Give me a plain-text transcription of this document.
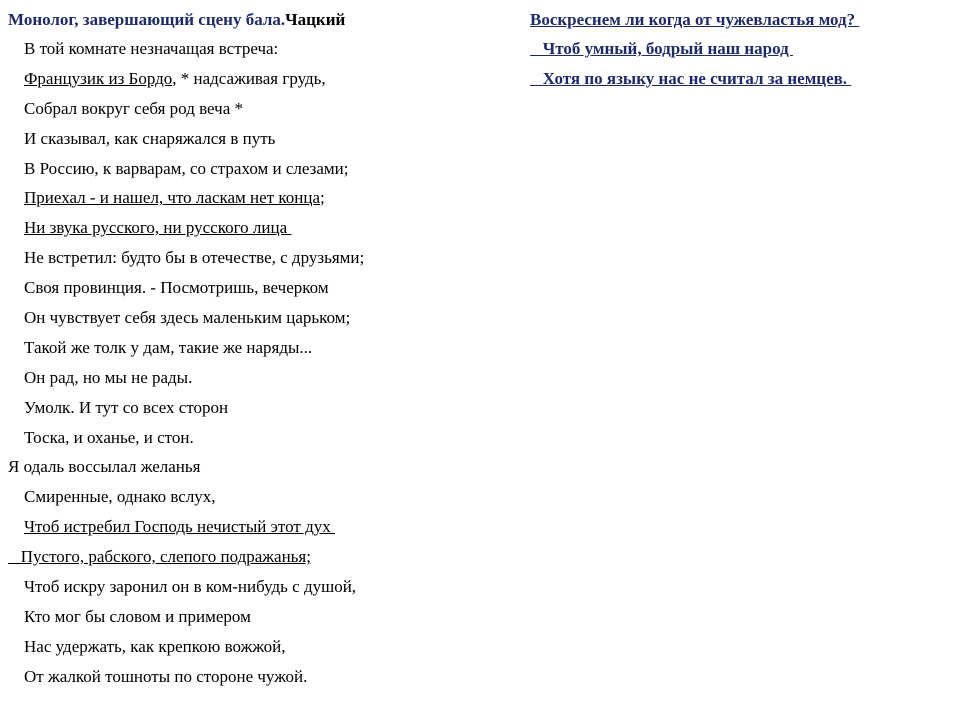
Монолог, завершающий сцену бала.Чацкий
В той комнате незначащая встреча:
Французик из Бордо, * надсаживая грудь,
Собрал вокруг себя род веча *
И сказывал, как снаряжался в путь
В Россию, к варварам, со страхом и слезами;
Приехал - и нашел, что ласкам нет конца;
Ни звука русского, ни русского лица
Не встретил: будто бы в отечестве, с друзьями;
Своя провинция. - Посмотришь, вечерком
Он чувствует себя здесь маленьким царьком;
Такой же толк у дам, такие же наряды...
Он рад, но мы не рады.
Умолк. И тут со всех сторон
Тоска, и оханье, и стон.
Я одаль воссылал желанья
Смиренные, однако вслух,
Чтоб истребил Господь нечистый этот дух
Пустого, рабского, слепого подражанья;
Чтоб искру заронил он в ком-нибудь с душой,
Кто мог бы словом и примером
Нас удержать, как крепкою вожжой,
От жалкой тошноты по стороне чужой.
Воскреснем ли когда от чужевластья мод?
Чтоб умный, бодрый наш народ
Хотя по языку нас не считал за немцев.
